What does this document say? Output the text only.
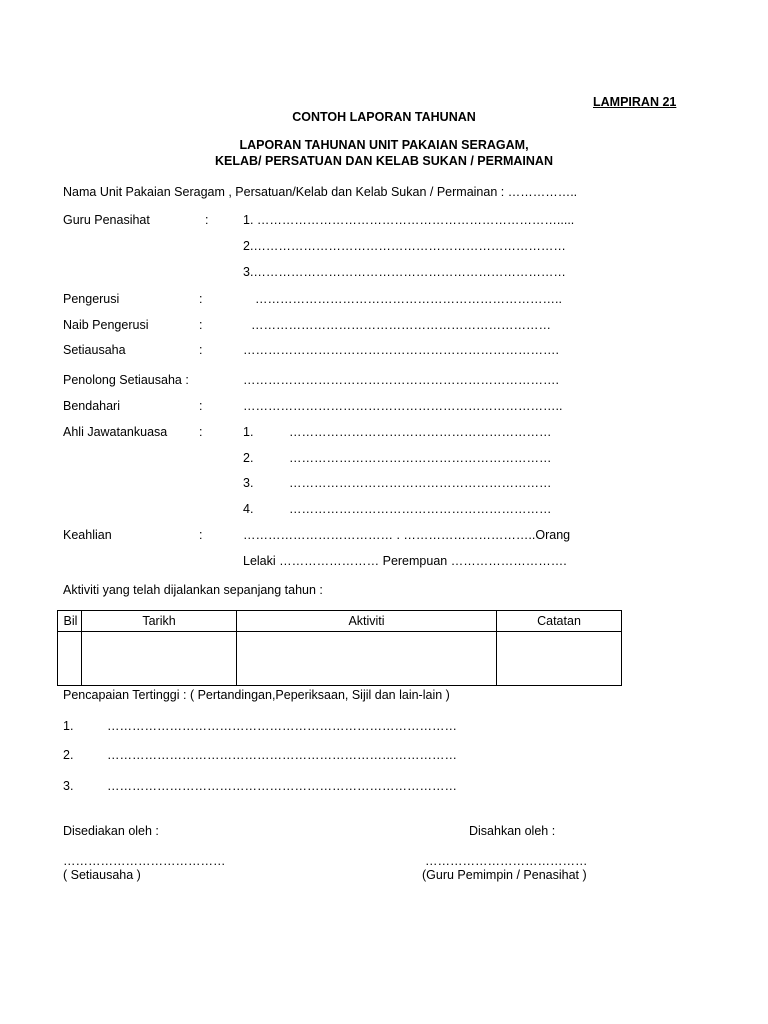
LAMPIRAN 21
CONTOH LAPORAN TAHUNAN
LAPORAN TAHUNAN UNIT PAKAIAN SERAGAM,
KELAB/ PERSATUAN DAN KELAB SUKAN / PERMAINAN
Nama Unit Pakaian Seragam , Persatuan/Kelab dan Kelab Sukan / Permainan : ……………..
Guru Penasihat	:	1. ……………………………………………………………….....
2.…………………………………………………………………
3.…………………………………………………………………
Pengerusi	:	………………………………………………………………..
Naib Pengerusi	:	………………………………………………………………
Setiausaha	:	………………………………………………………………….
Penolong Setiausaha :	………………………………………………………………….
Bendahari	:	…………………………………………………………………..
Ahli Jawatankuasa	:	1.	………………………………………………………
2.	………………………………………………………
3.	………………………………………………………
4.	………………………………………………………
Keahlian	:	……………………………… . …………………………..Orang
Lelaki …………………… Perempuan ……………………….
Aktiviti yang telah dijalankan sepanjang tahun :
Bil	Tarikh	Aktiviti	Catatan

Pencapaian Tertinggi : ( Pertandingan,Peperiksaan, Sijil dan lain-lain )
1.	…………………………………………………………………………
2.	…………………………………………………………………………
3.	…………………………………………………………………………
Disediakan oleh :
…………………………………
( Setiausaha )
Disahkan oleh :
…………………………………
(Guru Pemimpin / Penasihat )
